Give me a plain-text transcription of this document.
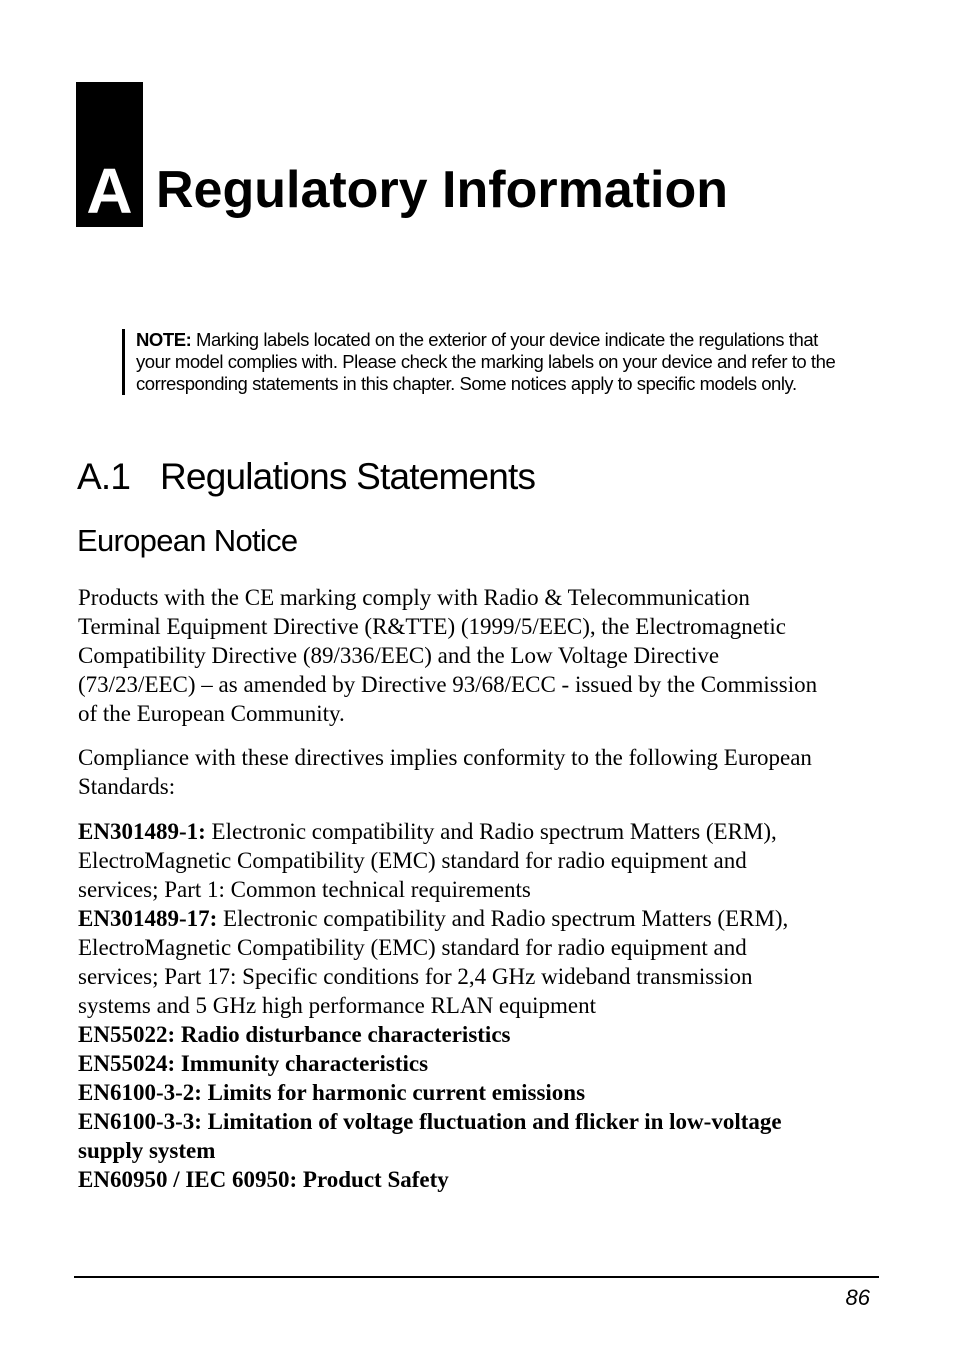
A Regulatory Information
NOTE: Marking labels located on the exterior of your device indicate the regulations that
your model complies with. Please check the marking labels on your device and refer to the
corresponding statements in this chapter. Some notices apply to specific models only.
A.1 Regulations Statements
European Notice
Products with the CE marking comply with Radio & Telecommunication
Terminal Equipment Directive (R&TTE) (1999/5/EEC), the Electromagnetic
Compatibility Directive (89/336/EEC) and the Low Voltage Directive
(73/23/EEC) – as amended by Directive 93/68/ECC - issued by the Commission
of the European Community.
Compliance with these directives implies conformity to the following European
Standards:
EN301489-1: Electronic compatibility and Radio spectrum Matters (ERM),
ElectroMagnetic Compatibility (EMC) standard for radio equipment and
services; Part 1: Common technical requirements
EN301489-17: Electronic compatibility and Radio spectrum Matters (ERM),
ElectroMagnetic Compatibility (EMC) standard for radio equipment and
services; Part 17: Specific conditions for 2,4 GHz wideband transmission
systems and 5 GHz high performance RLAN equipment
EN55022: Radio disturbance characteristics
EN55024: Immunity characteristics
EN6100-3-2: Limits for harmonic current emissions
EN6100-3-3: Limitation of voltage fluctuation and flicker in low-voltage
supply system
EN60950 / IEC 60950: Product Safety
86
